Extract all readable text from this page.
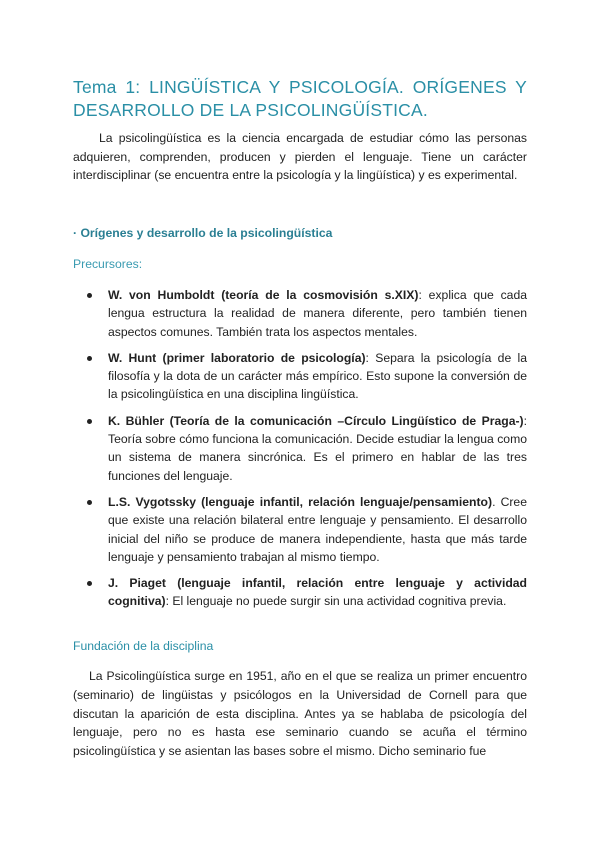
Tema 1: LINGÜÍSTICA Y PSICOLOGÍA. ORÍGENES Y DESARROLLO DE LA PSICOLINGÜÍSTICA.

La psicolingüística es la ciencia encargada de estudiar cómo las personas adquieren, comprenden, producen y pierden el lenguaje. Tiene un carácter interdisciplinar (se encuentra entre la psicología y la lingüística) y es experimental.

· Orígenes y desarrollo de la psicolingüística

Precursores:

W. von Humboldt (teoría de la cosmovisión s.XIX): explica que cada lengua estructura la realidad de manera diferente, pero también tienen aspectos comunes. También trata los aspectos mentales.
W. Hunt (primer laboratorio de psicología): Separa la psicología de la filosofía y la dota de un carácter más empírico. Esto supone la conversión de la psicolingüística en una disciplina lingüística.
K. Bühler (Teoría de la comunicación –Círculo Lingüístico de Praga-): Teoría sobre cómo funciona la comunicación. Decide estudiar la lengua como un sistema de manera sincrónica. Es el primero en hablar de las tres funciones del lenguaje.
L.S. Vygotssky (lenguaje infantil, relación lenguaje/pensamiento). Cree que existe una relación bilateral entre lenguaje y pensamiento. El desarrollo inicial del niño se produce de manera independiente, hasta que más tarde lenguaje y pensamiento trabajan al mismo tiempo.
J. Piaget (lenguaje infantil, relación entre lenguaje y actividad cognitiva): El lenguaje no puede surgir sin una actividad cognitiva previa.

Fundación de la disciplina

La Psicolingüística surge en 1951, año en el que se realiza un primer encuentro (seminario) de lingüistas y psicólogos en la Universidad de Cornell para que discutan la aparición de esta disciplina. Antes ya se hablaba de psicología del lenguaje, pero no es hasta ese seminario cuando se acuña el término psicolingüística y se asientan las bases sobre el mismo. Dicho seminario fue
